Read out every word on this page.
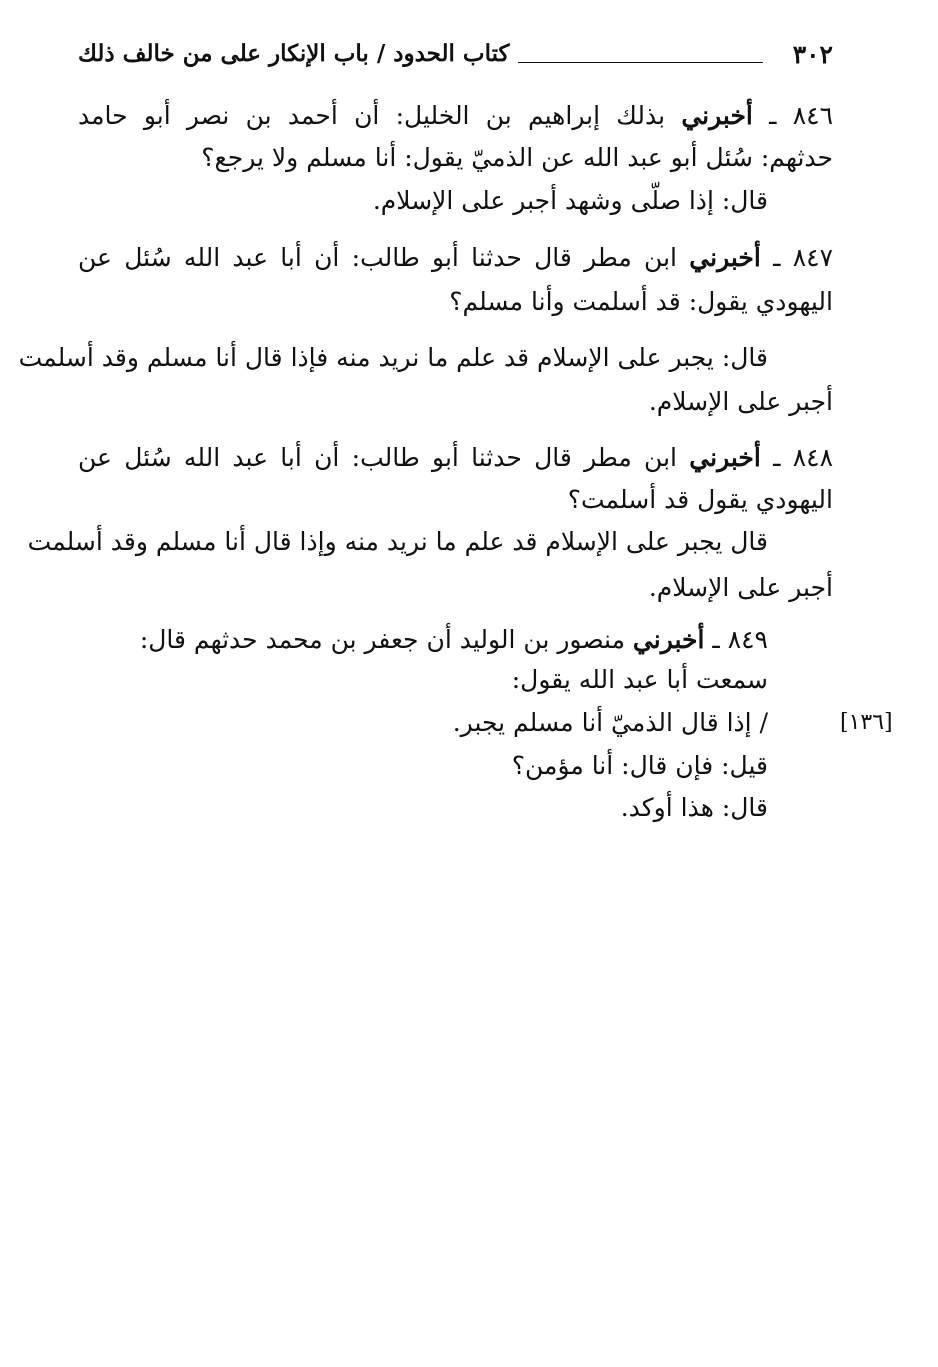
٣٠٢
كتاب الحدود / باب الإنكار على من خالف ذلك
٨٤٦ ـ أخبرني بذلك إبراهيم بن الخليل: أن أحمد بن نصر أبو حامد
حدثهم: سُئل أبو عبد الله عن الذميّ يقول: أنا مسلم ولا يرجع؟
قال: إذا صلّى وشهد أجبر على الإسلام.
٨٤٧ ـ أخبرني ابن مطر قال حدثنا أبو طالب: أن أبا عبد الله سُئل عن
اليهودي يقول: قد أسلمت وأنا مسلم؟
قال: يجبر على الإسلام قد علم ما نريد منه فإذا قال أنا مسلم وقد أسلمت
أجبر على الإسلام.
٨٤٨ ـ أخبرني ابن مطر قال حدثنا أبو طالب: أن أبا عبد الله سُئل عن
اليهودي يقول قد أسلمت؟
قال يجبر على الإسلام قد علم ما نريد منه وإذا قال أنا مسلم وقد أسلمت
أجبر على الإسلام.
٨٤٩ ـ أخبرني منصور بن الوليد أن جعفر بن محمد حدثهم قال:
سمعت أبا عبد الله يقول:
/ إذا قال الذميّ أنا مسلم يجبر.
قيل: فإن قال: أنا مؤمن؟
قال: هذا أوكد.
[١٣٦]
